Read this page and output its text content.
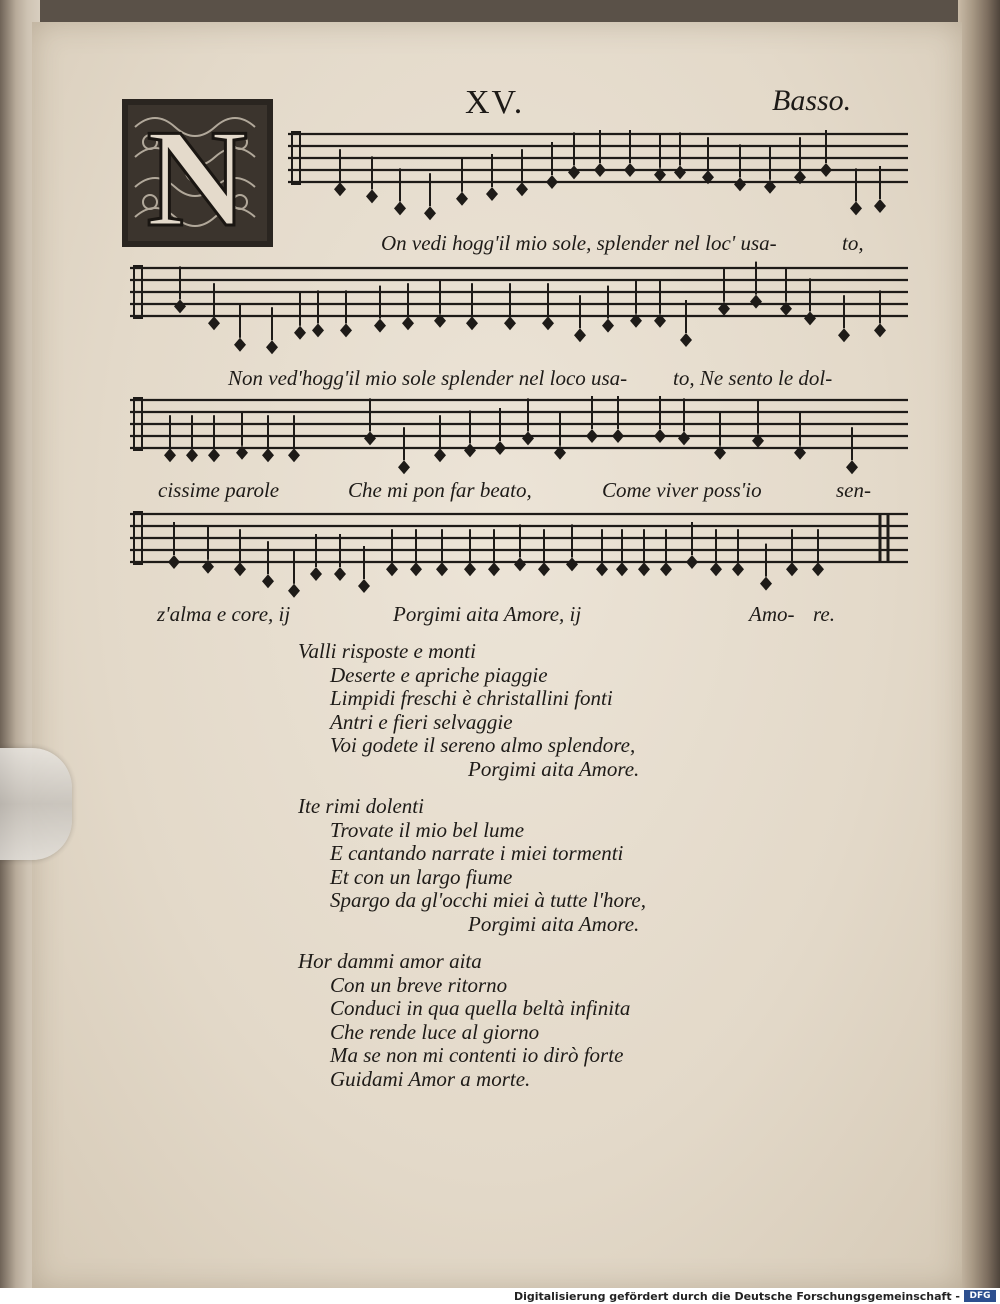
XV.	Basso.
N	On vedi hogg'il mio sole, splender nel loc' usa-	to,
Non ved'hogg'il mio sole splender nel loco usa- to, Ne sento le dol-
cissime parole	Che mi pon far beato,	Come viver poss'io	sen-
z'alma e core, ij	Porgimi aita Amore, ij	Amo- re.
Valli risposte e monti
Deserte e apriche piaggie
Limpidi freschi è christallini fonti
Antri e fieri selvaggie
Voi godete il sereno almo splendore,
Porgimi aita Amore.
Ite rimi dolenti
Trovate il mio bel lume
E cantando narrate i miei tormenti
Et con un largo fiume
Spargo da gl'occhi miei à tutte l'hore,
Porgimi aita Amore.
Hor dammi amor aita
Con un breve ritorno
Conduci in qua quella beltà infinita
Che rende luce al giorno
Ma se non mi contenti io dirò forte
Guidami Amor a morte.
Digitalisierung gefördert durch die Deutsche Forschungsgemeinschaft -	DFG
